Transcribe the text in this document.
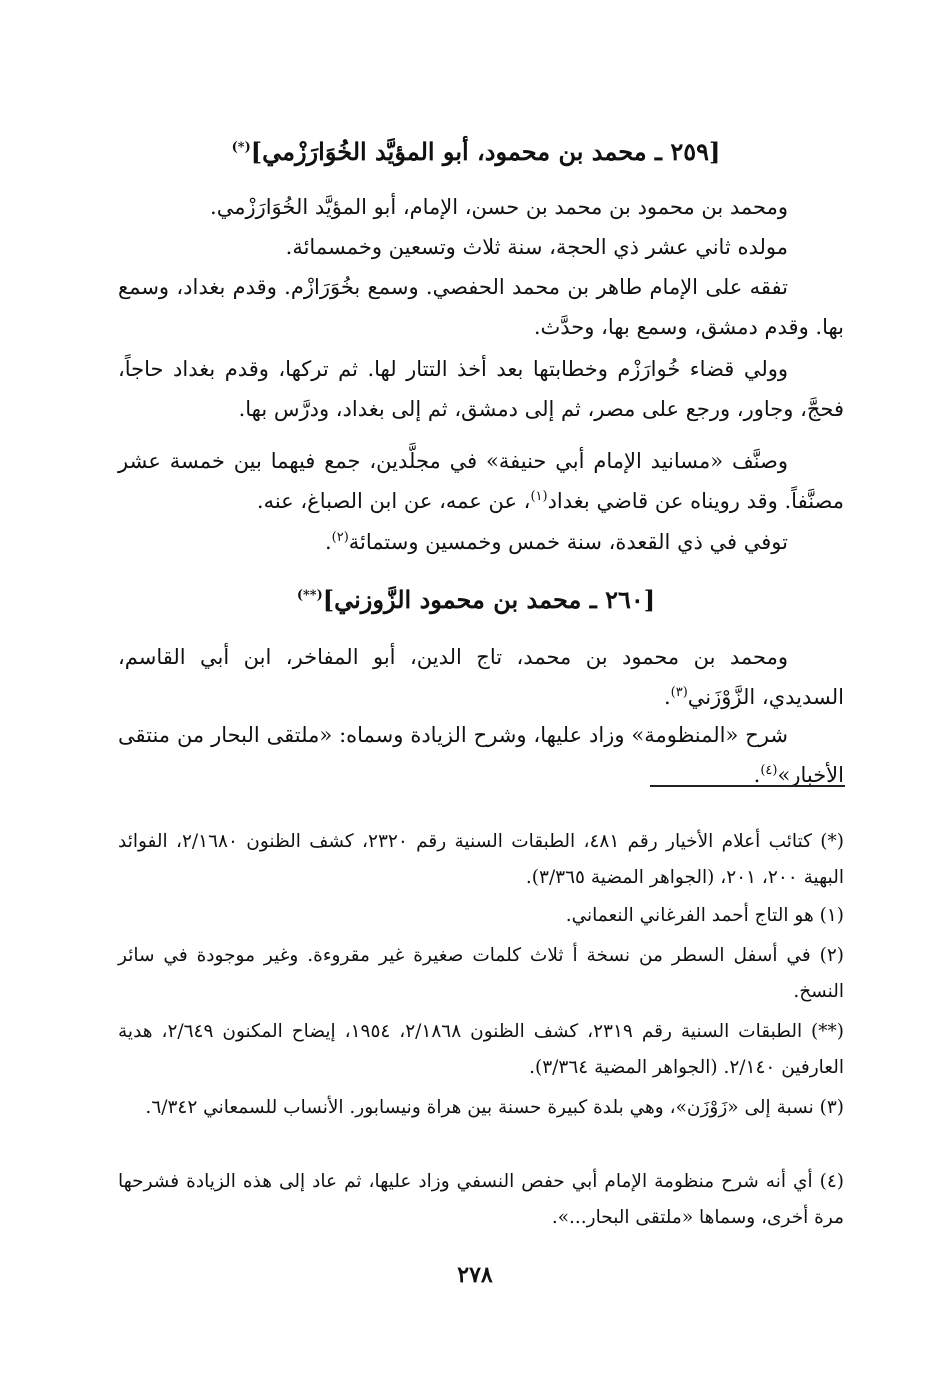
[٢٥٩ ـ محمد بن محمود، أبو المؤيَّد الخُوَارَزْمي](*)
ومحمد بن محمود بن محمد بن حسن، الإمام، أبو المؤيَّد الخُوَارَزْمي.
مولده ثاني عشر ذي الحجة، سنة ثلاث وتسعين وخمسمائة.
تفقه على الإمام طاهر بن محمد الحفصي. وسمع بخُوَرَازْم. وقدم بغداد، وسمع بها. وقدم دمشق، وسمع بها، وحدَّث.
وولي قضاء خُوارَزْم وخطابتها بعد أخذ التتار لها. ثم تركها، وقدم بغداد حاجاً، فحجَّ، وجاور، ورجع على مصر، ثم إلى دمشق، ثم إلى بغداد، ودرَّس بها.
وصنَّف «مسانيد الإمام أبي حنيفة» في مجلَّدين، جمع فيهما بين خمسة عشر مصنَّفاً. وقد رويناه عن قاضي بغداد$^{(١)}$، عن عمه، عن ابن الصباغ، عنه.
توفي في ذي القعدة، سنة خمس وخمسين وستمائة$^{(٢)}$.
[٢٦٠ ـ محمد بن محمود الزَّوزني](**)
ومحمد بن محمود بن محمد، تاج الدين، أبو المفاخر، ابن أبي القاسم، السديدي، الزَّوْزَني$^{(٣)}$.
شرح «المنظومة» وزاد عليها، وشرح الزيادة وسماه: «ملتقى البحار من منتقى الأخبار»$^{(٤)}$.
(*) كتائب أعلام الأخيار رقم ٤٨١، الطبقات السنية رقم ٢٣٢٠، كشف الظنون ٢/١٦٨٠، الفوائد البهية ٢٠٠، ٢٠١، (الجواهر المضية ٣/٣٦٥).
(١) هو التاج أحمد الفرغاني النعماني.
(٢) في أسفل السطر من نسخة أ ثلاث كلمات صغيرة غير مقروءة. وغير موجودة في سائر النسخ.
(**) الطبقات السنية رقم ٢٣١٩، كشف الظنون ٢/١٨٦٨، ١٩٥٤، إيضاح المكنون ٢/٦٤٩، هدية العارفين ٢/١٤٠. (الجواهر المضية ٣/٣٦٤).
(٣) نسبة إلى «زَوْزَن»، وهي بلدة كبيرة حسنة بين هراة ونيسابور. الأنساب للسمعاني ٦/٣٤٢.
(٤) أي أنه شرح منظومة الإمام أبي حفص النسفي وزاد عليها، ثم عاد إلى هذه الزيادة فشرحها مرة أخرى، وسماها «ملتقى البحار...».
٢٧٨
